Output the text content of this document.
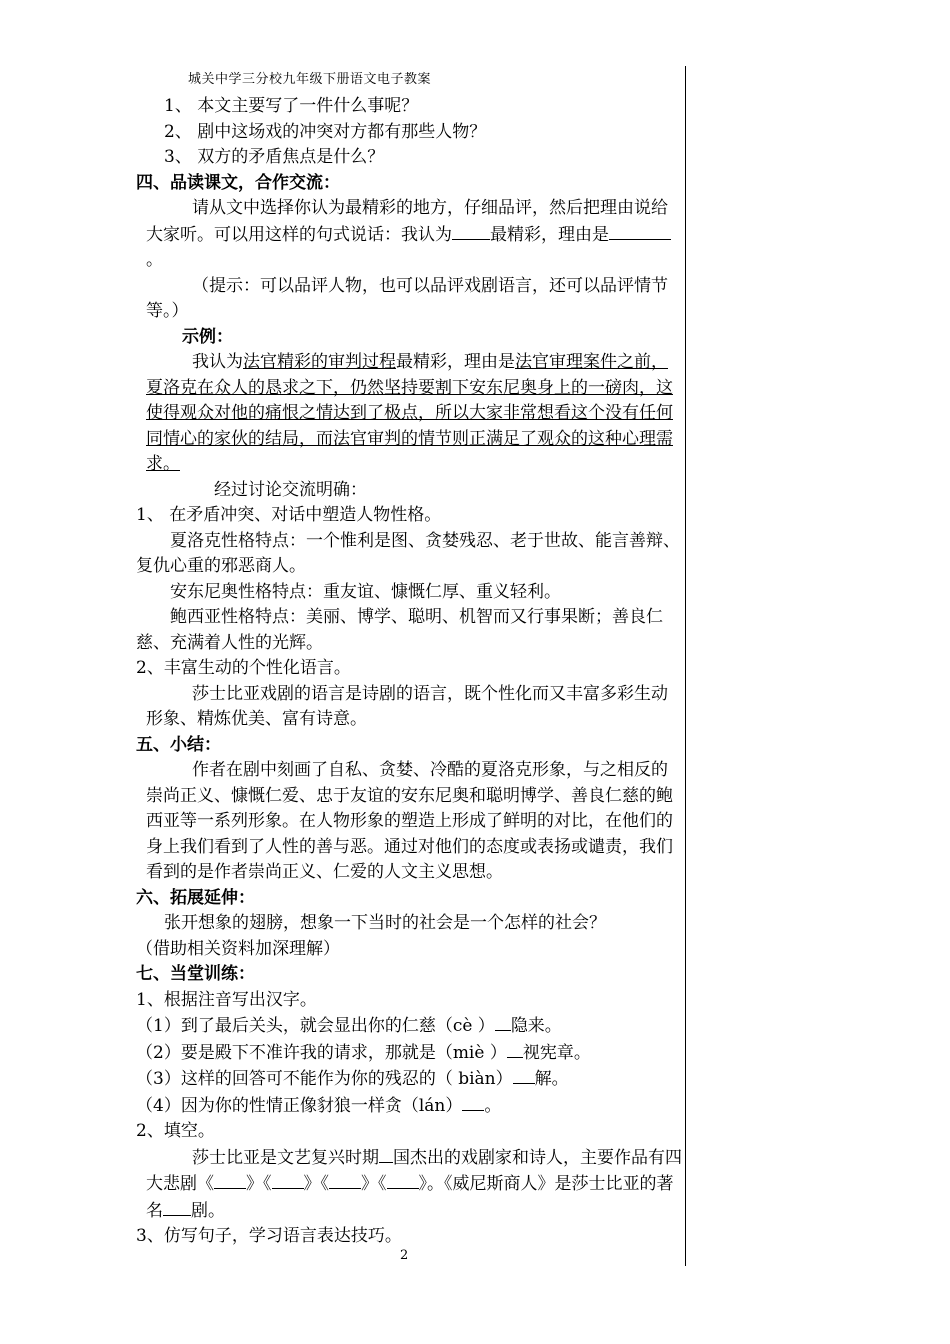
城关中学三分校九年级下册语文电子教案

1、 本文主要写了一件什么事呢？

2、 剧中这场戏的冲突对方都有那些人物？

3、 双方的矛盾焦点是什么？

四、品读课文，合作交流：

请从文中选择你认为最精彩的地方，仔细品评，然后把理由说给大家听。可以用这样的句式说话：我认为 最精彩，理由是。

（提示：可以品评人物，也可以品评戏剧语言，还可以品评情节等。）

示例：

我认为法官精彩的审判过程最精彩，理由是法官审理案件之前，夏洛克在众人的恳求之下，仍然坚持要割下安东尼奥身上的一磅肉，这使得观众对他的痛恨之情达到了极点，所以大家非常想看这个没有任何同情心的家伙的结局，而法官审判的情节则正满足了观众的这种心理需求。

经过讨论交流明确：

1、 在矛盾冲突、对话中塑造人物性格。

夏洛克性格特点：一个惟利是图、贪婪残忍、老于世故、能言善辩、复仇心重的邪恶商人。

安东尼奥性格特点：重友谊、慷慨仁厚、重义轻利。

鲍西亚性格特点：美丽、博学、聪明、机智而又行事果断；善良仁慈、充满着人性的光辉。

2、丰富生动的个性化语言。

莎士比亚戏剧的语言是诗剧的语言，既个性化而又丰富多彩生动形象、精炼优美、富有诗意。

五、小结：

作者在剧中刻画了自私、贪婪、冷酷的夏洛克形象，与之相反的崇尚正义、慷慨仁爱、忠于友谊的安东尼奥和聪明博学、善良仁慈的鲍西亚等一系列形象。在人物形象的塑造上形成了鲜明的对比，在他们的身上我们看到了人性的善与恶。通过对他们的态度或表扬或谴责，我们看到的是作者崇尚正义、仁爱的人文主义思想。

六、拓展延伸：

张开想象的翅膀，想象一下当时的社会是一个怎样的社会？

（借助相关资料加深理解）

七、当堂训练：

1、根据注音写出汉字。

（1）到了最后关头，就会显出你的仁慈（cè ） 隐来。

（2）要是殿下不准许我的请求，那就是（miè ） 视宪章。

（3）这样的回答可不能作为你的残忍的（ biàn） 解。

（4）因为你的性情正像豺狼一样贪（lán） 。

2、填空。

莎士比亚是文艺复兴时期 国杰出的戏剧家和诗人，主要作品有四大悲剧《 》《 》《 》《 》。《威尼斯商人》是莎士比亚的著名 剧。

3、仿写句子，学习语言表达技巧。

2
